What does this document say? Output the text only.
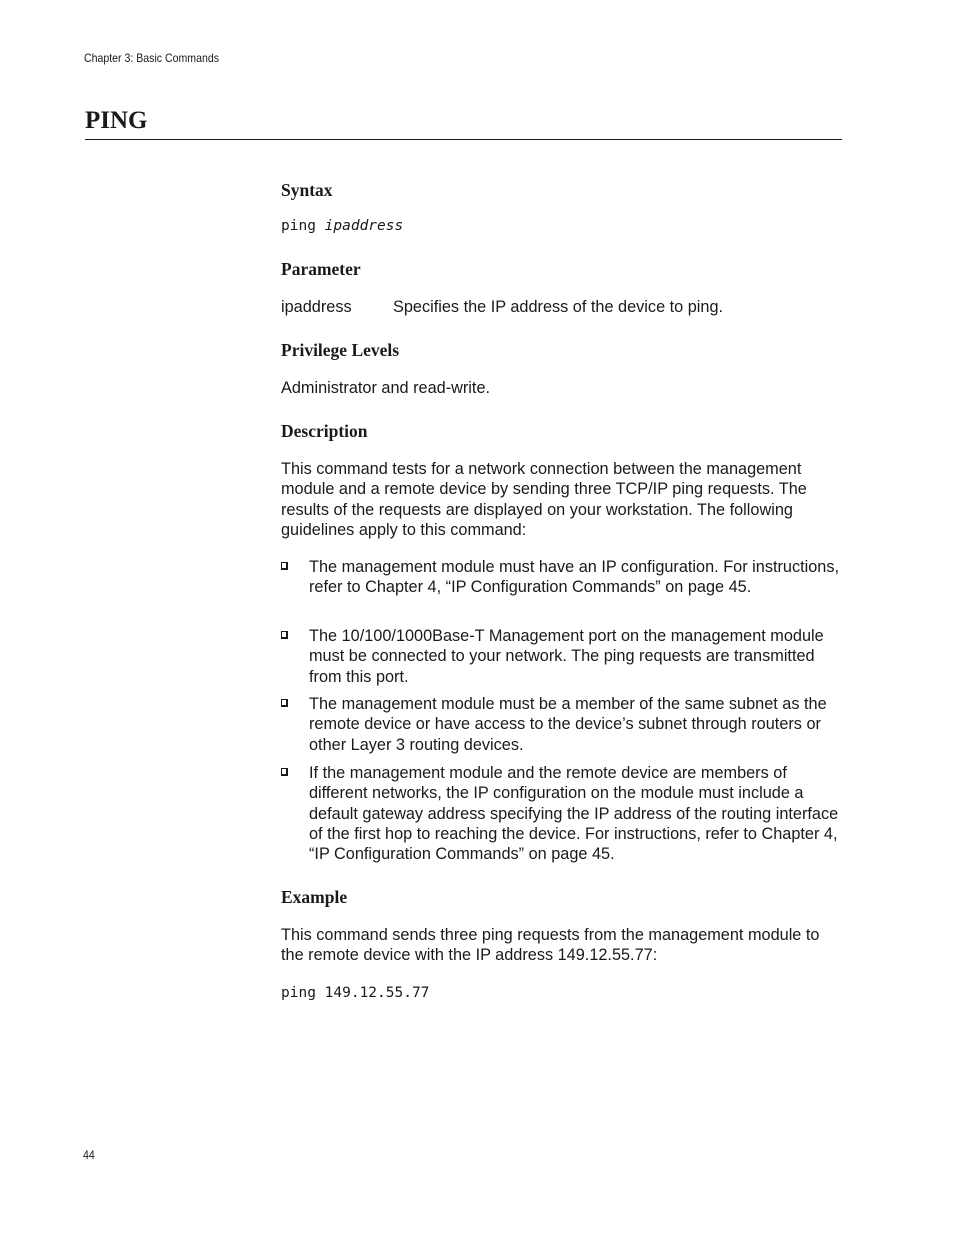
Chapter 3: Basic Commands
PING
Syntax
ping ipaddress
Parameter
ipaddress	Specifies the IP address of the device to ping.
Privilege Levels

Administrator and read-write.

Description

This command tests for a network connection between the management module and a remote device by sending three TCP/IP ping requests. The results of the requests are displayed on your workstation. The following guidelines apply to this command:

The management module must have an IP configuration. For instructions, refer to Chapter 4, “IP Configuration Commands” on page 45.

The 10/100/1000Base-T Management port on the management module must be connected to your network. The ping requests are transmitted from this port.

The management module must be a member of the same subnet as the remote device or have access to the device’s subnet through routers or other Layer 3 routing devices.

If the management module and the remote device are members of different networks, the IP configuration on the module must include a default gateway address specifying the IP address of the routing interface of the first hop to reaching the device. For instructions, refer to Chapter 4, “IP Configuration Commands” on page 45.

Example

This command sends three ping requests from the management module to the remote device with the IP address 149.12.55.77:

ping 149.12.55.77
44
